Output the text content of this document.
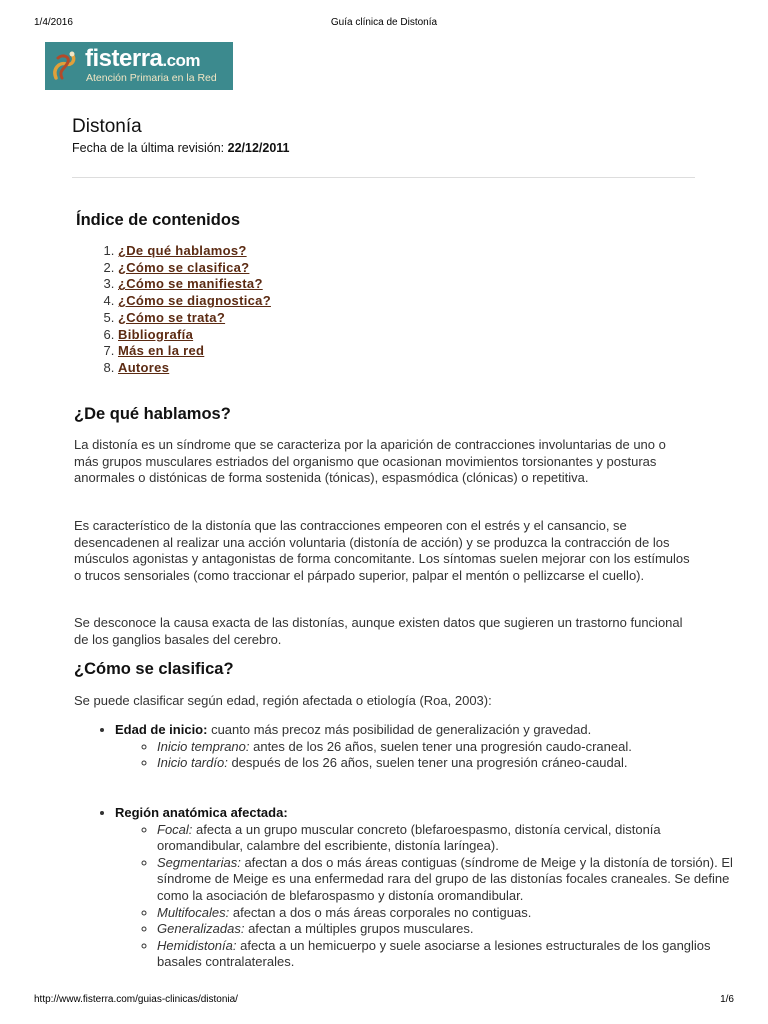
1/4/2016	Guía clínica de Distonía
fisterra.com
Atención Primaria en la Red
Distonía
Fecha de la última revisión: 22/12/2011
Índice de contenidos
1. ¿De qué hablamos?
2. ¿Cómo se clasifica?
3. ¿Cómo se manifiesta?
4. ¿Cómo se diagnostica?
5. ¿Cómo se trata?
6. Bibliografía
7. Más en la red
8. Autores
¿De qué hablamos?

La distonía es un síndrome que se caracteriza por la aparición de contracciones involuntarias de uno o más grupos musculares estriados del organismo que ocasionan movimientos torsionantes y posturas anormales o distónicas de forma sostenida (tónicas), espasmódica (clónicas) o repetitiva.

Es característico de la distonía que las contracciones empeoren con el estrés y el cansancio, se desencadenen al realizar una acción voluntaria (distonía de acción) y se produzca la contracción de los músculos agonistas y antagonistas de forma concomitante. Los síntomas suelen mejorar con los estímulos o trucos sensoriales (como traccionar el párpado superior, palpar el mentón o pellizcarse el cuello).

Se desconoce la causa exacta de las distonías, aunque existen datos que sugieren un trastorno funcional de los ganglios basales del cerebro.

¿Cómo se clasifica?

Se puede clasificar según edad, región afectada o etiología (Roa, 2003):

• Edad de inicio: cuanto más precoz más posibilidad de generalización y gravedad.
◦ Inicio temprano: antes de los 26 años, suelen tener una progresión caudo-craneal.
◦ Inicio tardío: después de los 26 años, suelen tener una progresión cráneo-caudal.
• Región anatómica afectada:
◦ Focal: afecta a un grupo muscular concreto (blefaroespasmo, distonía cervical, distonía oromandibular, calambre del escribiente, distonía laríngea).
◦ Segmentarias: afectan a dos o más áreas contiguas (síndrome de Meige y la distonía de torsión). El síndrome de Meige es una enfermedad rara del grupo de las distonías focales craneales. Se define como la asociación de blefarospasmo y distonía oromandibular.
◦ Multifocales: afectan a dos o más áreas corporales no contiguas.
◦ Generalizadas: afectan a múltiples grupos musculares.
◦ Hemidistonía: afecta a un hemicuerpo y suele asociarse a lesiones estructurales de los ganglios basales contralaterales.
http://www.fisterra.com/guias-clinicas/distonia/	1/6
